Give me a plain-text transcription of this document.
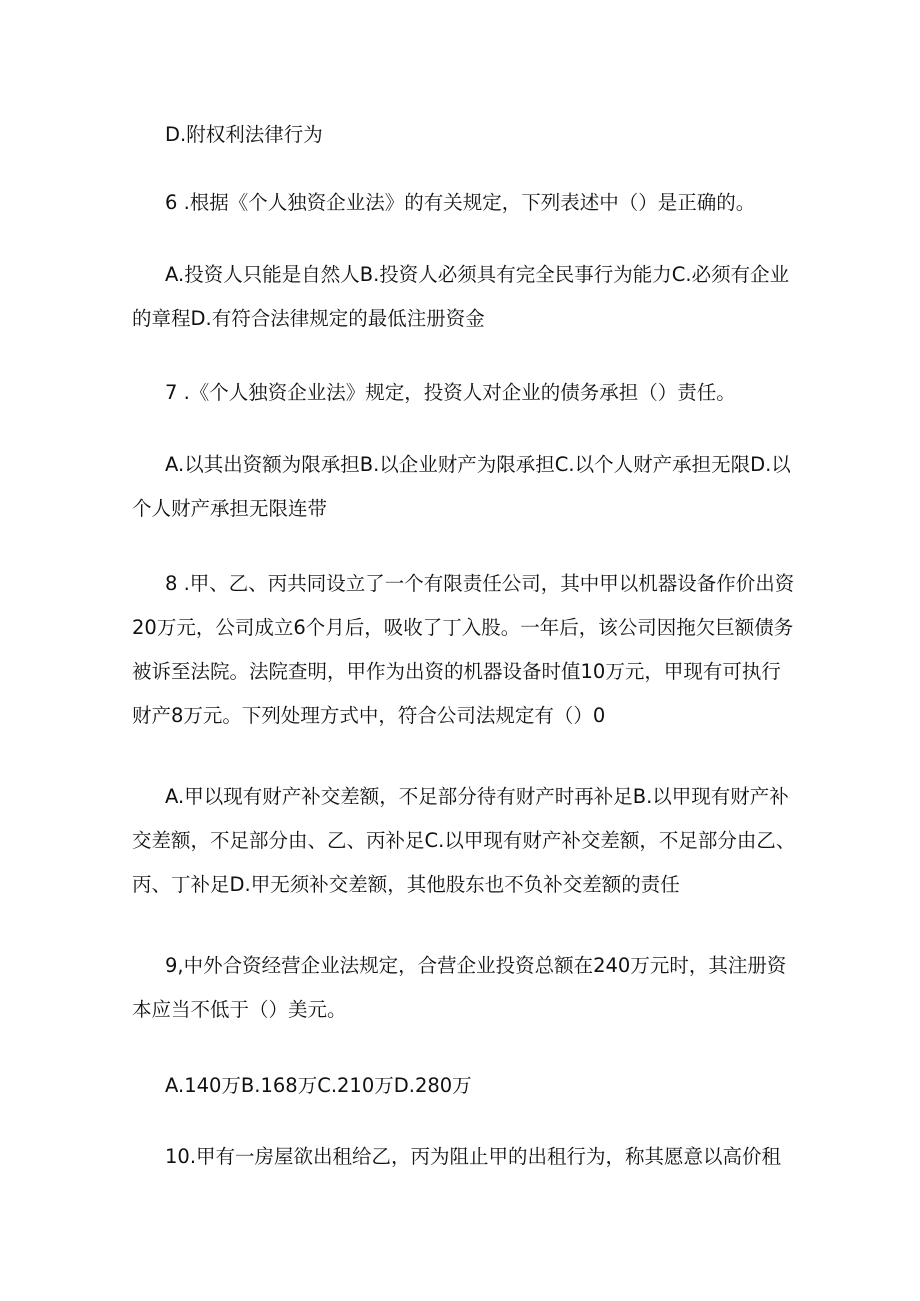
D.附权利法律行为

6 .根据《个人独资企业法》的有关规定，下列表述中（）是正确的。

A.投资人只能是自然人B.投资人必须具有完全民事行为能力C.必须有企业的章程D.有符合法律规定的最低注册资金

7 .《个人独资企业法》规定，投资人对企业的债务承担（）责任。

A.以其出资额为限承担B.以企业财产为限承担C.以个人财产承担无限D.以个人财产承担无限连带

8 .甲、乙、丙共同设立了一个有限责任公司，其中甲以机器设备作价出资20万元，公司成立6个月后，吸收了丁入股。一年后，该公司因拖欠巨额债务被诉至法院。法院查明，甲作为出资的机器设备时值10万元，甲现有可执行财产8万元。下列处理方式中，符合公司法规定有（）0

A.甲以现有财产补交差额，不足部分待有财产时再补足B.以甲现有财产补交差额，不足部分由、乙、丙补足C.以甲现有财产补交差额，不足部分由乙、丙、丁补足D.甲无须补交差额，其他股东也不负补交差额的责任

9,中外合资经营企业法规定，合营企业投资总额在240万元时，其注册资本应当不低于（）美元。

A.140万B.168万C.210万D.280万

10.甲有一房屋欲出租给乙，丙为阻止甲的出租行为，称其愿意以高价租
